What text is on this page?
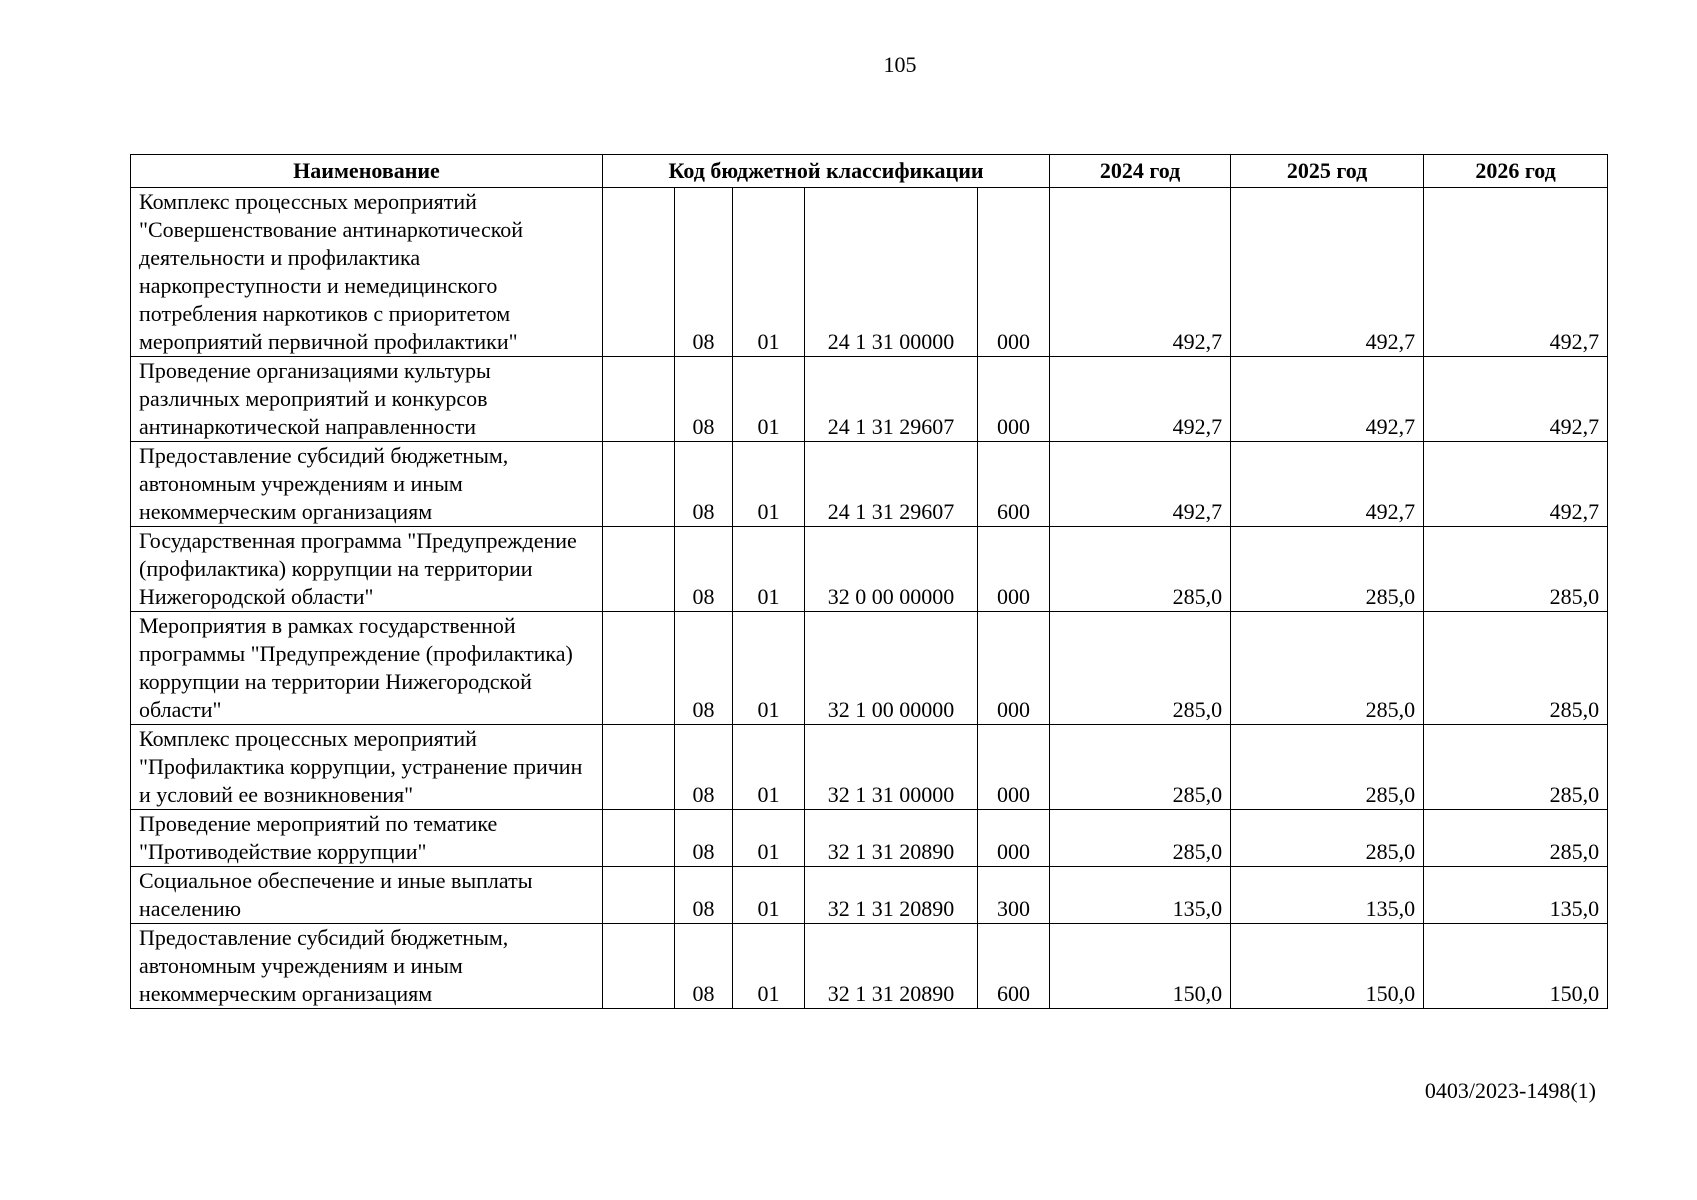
105
Наименование	Код бюджетной классификации					2024 год	2025 год	2026 год
Комплекс процессных мероприятий "Совершенствование антинаркотической деятельности и профилактика наркопреступности и немедицинского потребления наркотиков с приоритетом мероприятий первичной профилактики"		08	01	24 1 31 00000	000	492,7	492,7	492,7
Проведение организациями культуры различных мероприятий и конкурсов антинаркотической направленности		08	01	24 1 31 29607	000	492,7	492,7	492,7
Предоставление субсидий бюджетным, автономным учреждениям и иным некоммерческим организациям		08	01	24 1 31 29607	600	492,7	492,7	492,7
Государственная программа "Предупреждение (профилактика) коррупции на территории Нижегородской области"		08	01	32 0 00 00000	000	285,0	285,0	285,0
Мероприятия в рамках государственной программы "Предупреждение (профилактика) коррупции на территории Нижегородской области"		08	01	32 1 00 00000	000	285,0	285,0	285,0
Комплекс процессных мероприятий "Профилактика коррупции, устранение причин и условий ее возникновения"		08	01	32 1 31 00000	000	285,0	285,0	285,0
Проведение мероприятий по тематике "Противодействие коррупции"		08	01	32 1 31 20890	000	285,0	285,0	285,0
Социальное обеспечение и иные выплаты населению		08	01	32 1 31 20890	300	135,0	135,0	135,0
Предоставление субсидий бюджетным, автономным учреждениям и иным некоммерческим организациям		08	01	32 1 31 20890	600	150,0	150,0	150,0
0403/2023-1498(1)
